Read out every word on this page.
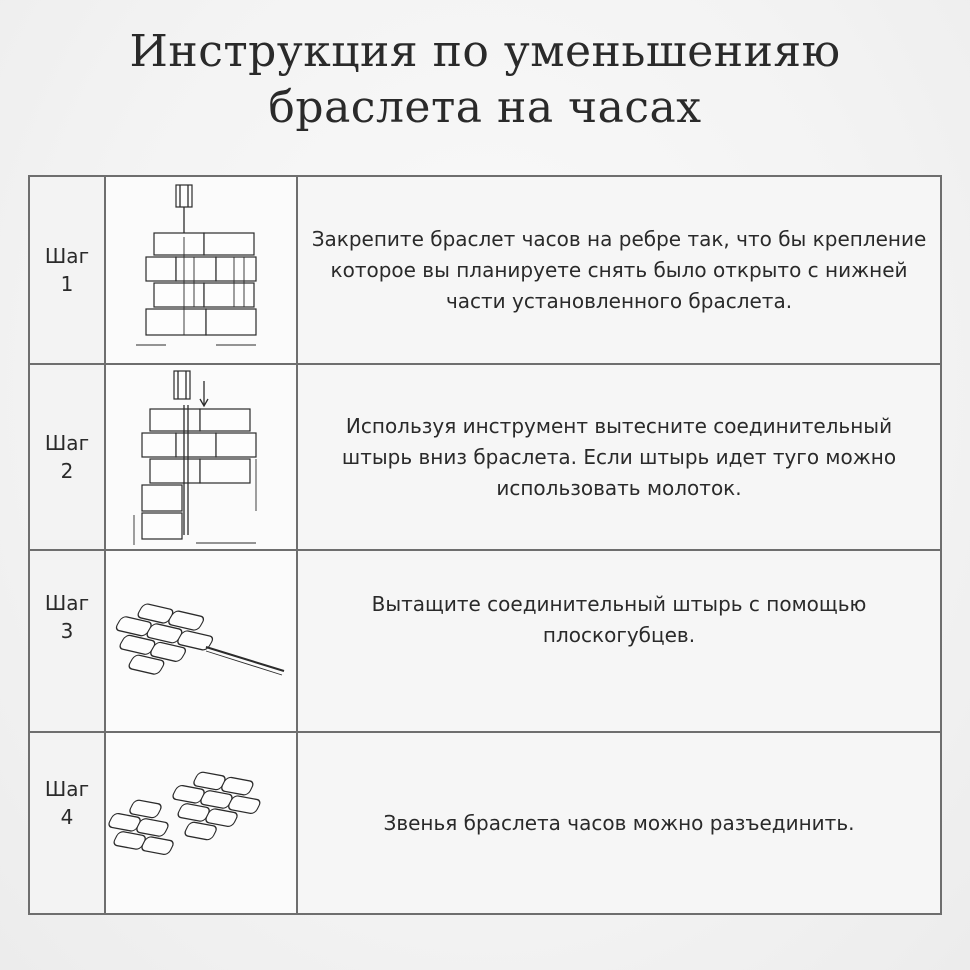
Инструкция по уменьшенияю
браслета на часах
Шаг
1
Закрепите браслет часов на ребре так, что бы крепление которое вы планируете снять было открыто с нижней части установленного браслета.
Шаг
2
Используя инструмент вытесните соединительный штырь вниз браслета. Если штырь идет туго можно использовать молоток.
Шаг
3
Вытащите соединительный штырь с помощью плоскогубцев.
Шаг
4	Звенья браслета часов можно разъединить.
